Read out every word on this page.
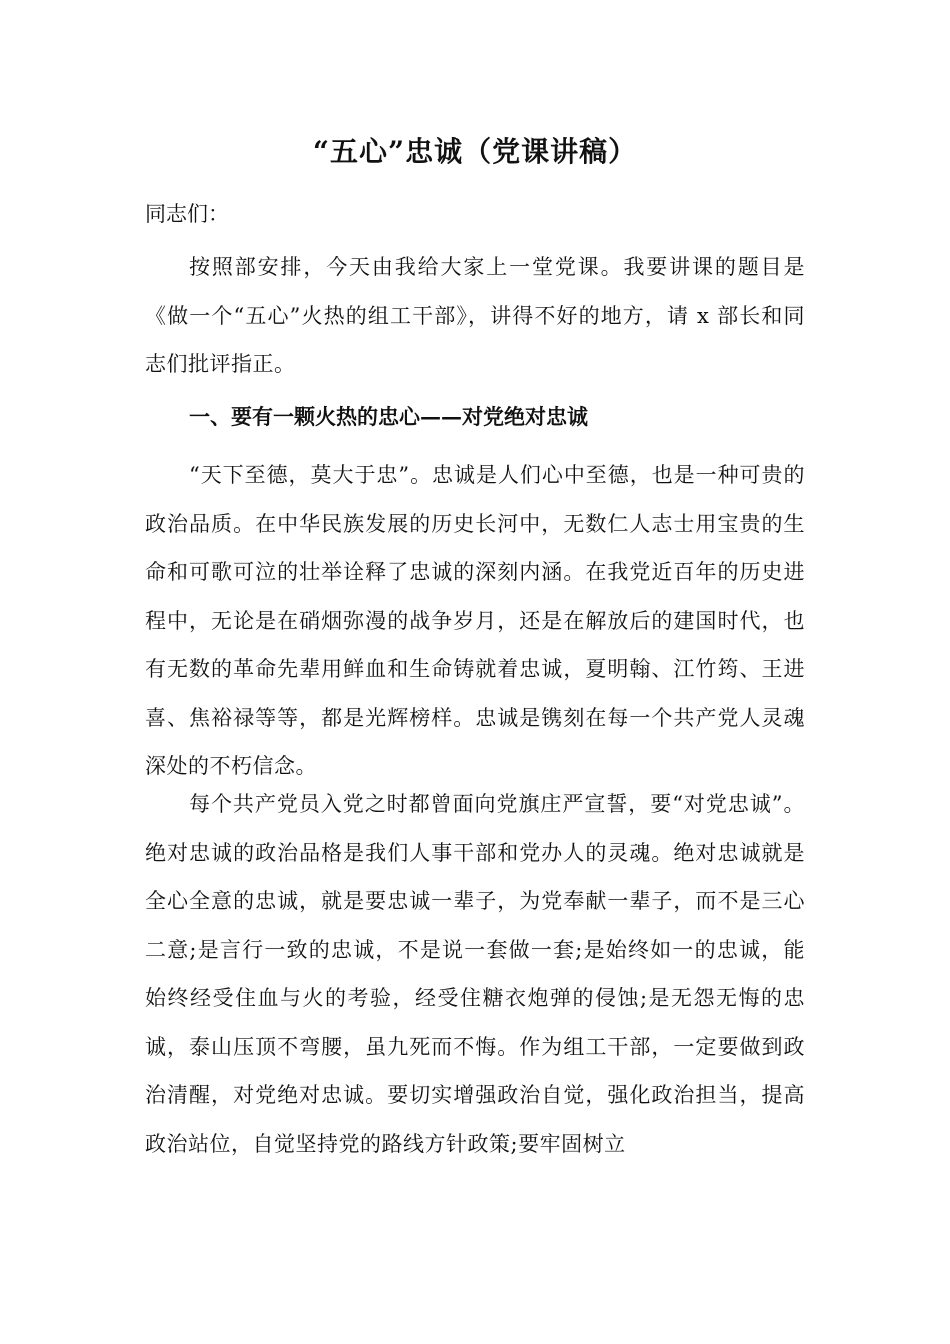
“五心”忠诚（党课讲稿）
同志们：
按照部安排，今天由我给大家上一堂党课。我要讲课的题目是《做一个“五心”火热的组工干部》，讲得不好的地方，请 x 部长和同志们批评指正。
一、要有一颗火热的忠心——对党绝对忠诚
“天下至德，莫大于忠”。忠诚是人们心中至德，也是一种可贵的政治品质。在中华民族发展的历史长河中，无数仁人志士用宝贵的生命和可歌可泣的壮举诠释了忠诚的深刻内涵。在我党近百年的历史进程中，无论是在硝烟弥漫的战争岁月，还是在解放后的建国时代，也有无数的革命先辈用鲜血和生命铸就着忠诚，夏明翰、江竹筠、王进喜、焦裕禄等等，都是光辉榜样。忠诚是镌刻在每一个共产党人灵魂深处的不朽信念。
每个共产党员入党之时都曾面向党旗庄严宣誓，要“对党忠诚”。绝对忠诚的政治品格是我们人事干部和党办人的灵魂。绝对忠诚就是全心全意的忠诚，就是要忠诚一辈子，为党奉献一辈子，而不是三心二意;是言行一致的忠诚，不是说一套做一套;是始终如一的忠诚，能始终经受住血与火的考验，经受住糖衣炮弹的侵蚀;是无怨无悔的忠诚，泰山压顶不弯腰，虽九死而不悔。作为组工干部，一定要做到政治清醒，对党绝对忠诚。要切实增强政治自觉，强化政治担当，提高政治站位，自觉坚持党的路线方针政策;要牢固树立
